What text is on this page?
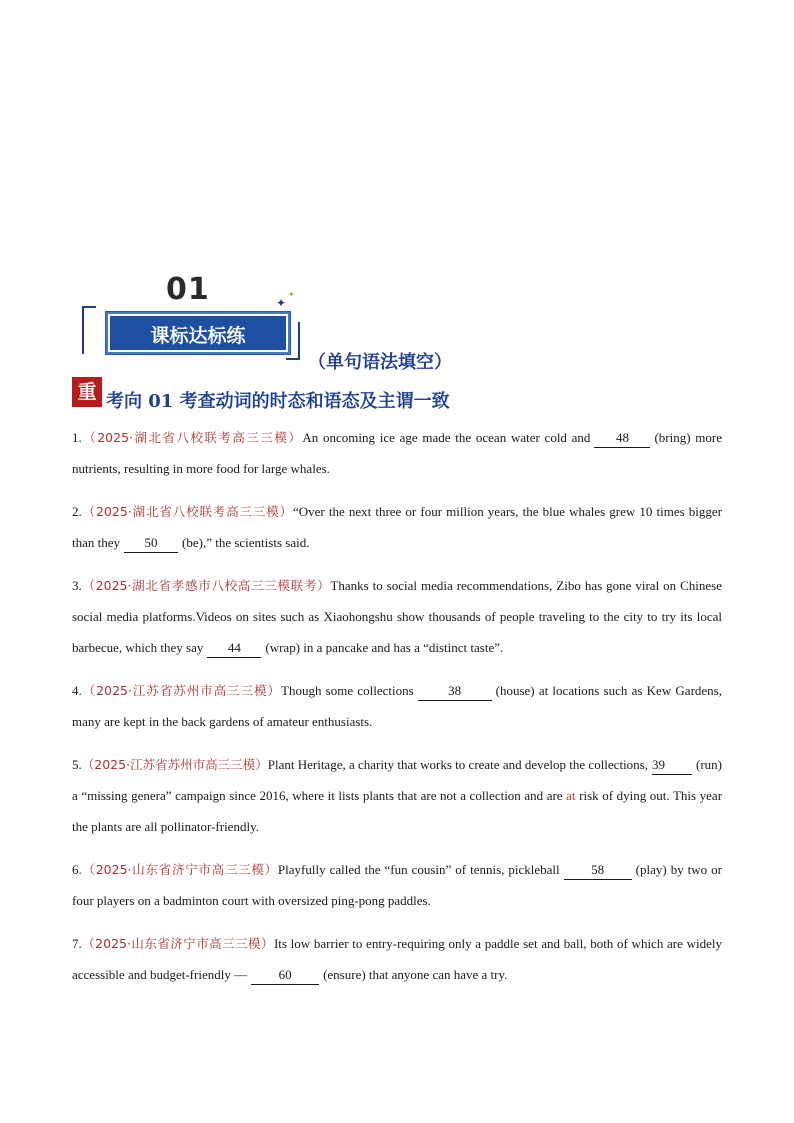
01	✦
✦
课标达标练
（单句语法填空）
重 考向 01 考查动词的时态和语态及主谓一致
1.（2025·湖北省八校联考高三三模）An oncoming ice age made the ocean water cold and 48 (bring) more nutrients, resulting in more food for large whales.
2.（2025·湖北省八校联考高三三模）“Over the next three or four million years, the blue whales grew 10 times bigger than they 50 (be),” the scientists said.
3.（2025·湖北省孝感市八校高三三模联考）Thanks to social media recommendations, Zibo has gone viral on Chinese social media platforms.Videos on sites such as Xiaohongshu show thousands of people traveling to the city to try its local barbecue, which they say 44 (wrap) in a pancake and has a “distinct taste”.
4.（2025·江苏省苏州市高三三模）Though some collections	38	(house) at locations such as Kew Gardens, many are kept in the back gardens of amateur enthusiasts.
5.（2025·江苏省苏州市高三三模）Plant Heritage, a charity that works to create and develop the collections, 39 (run) a “missing genera” campaign since 2016, where it lists plants that are not a collection and are at risk of dying out. This year the plants are all pollinator-friendly.
6.（2025·山东省济宁市高三三模）Playfully called the “fun cousin” of tennis, pickleball 58 (play) by two or four players on a badminton court with oversized ping-pong paddles.
7.（2025·山东省济宁市高三三模）Its low barrier to entry-requiring only a paddle set and ball, both of which are widely accessible and budget-friendly — 60 (ensure) that anyone can have a try.
